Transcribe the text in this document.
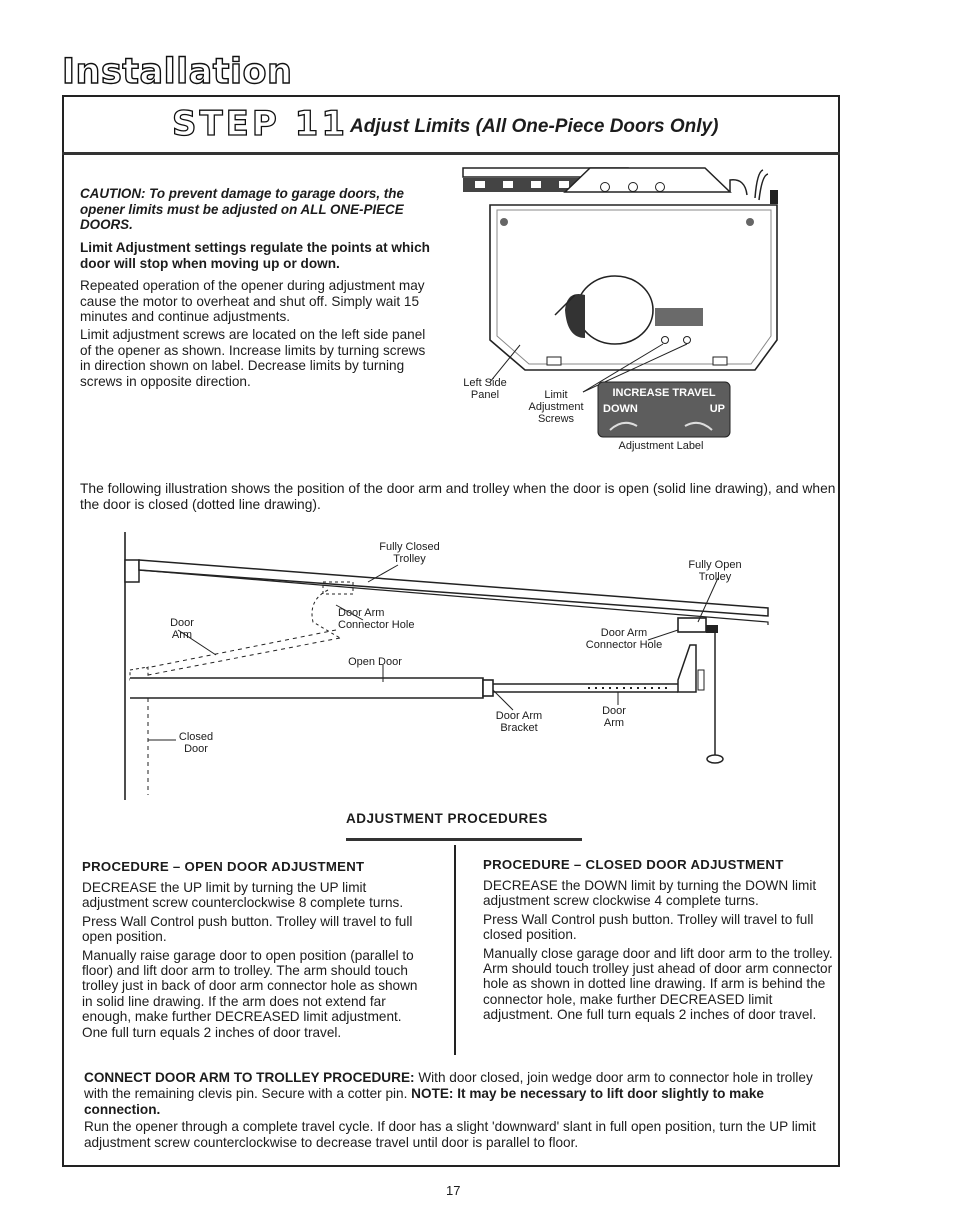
Installation
STEP 11 Adjust Limits (All One-Piece Doors Only)
CAUTION: To prevent damage to garage doors, the opener limits must be adjusted on ALL ONE-PIECE DOORS.
Limit Adjustment settings regulate the points at which door will stop when moving up or down.
Repeated operation of the opener during adjustment may cause the motor to overheat and shut off. Simply wait 15 minutes and continue adjustments.
Limit adjustment screws are located on the left side panel of the opener as shown. Increase limits by turning screws in direction shown on label. Decrease limits by turning screws in opposite direction.
INCREASE TRAVEL
DOWN	UP
Left Side Panel	Limit Adjustment Screws
Adjustment Label
The following illustration shows the position of the door arm and trolley when the door is open (solid line drawing), and when the door is closed (dotted line drawing).
Fully Closed Trolley	Fully Open Trolley
Door Arm Connector Hole
Door Arm	Door Arm Connector Hole
Open Door
Door Arm Bracket
Door Arm
Closed Door
ADJUSTMENT PROCEDURES
PROCEDURE – OPEN DOOR ADJUSTMENT

DECREASE the UP limit by turning the UP limit adjustment screw counterclockwise 8 complete turns.

Press Wall Control push button. Trolley will travel to full open position.

Manually raise garage door to open position (parallel to floor) and lift door arm to trolley. The arm should touch trolley just in back of door arm connector hole as shown in solid line drawing. If the arm does not extend far enough, make further DECREASED limit adjustment. One full turn equals 2 inches of door travel.

PROCEDURE – CLOSED DOOR ADJUSTMENT

DECREASE the DOWN limit by turning the DOWN limit adjustment screw clockwise 4 complete turns.

Press Wall Control push button. Trolley will travel to full closed position.

Manually close garage door and lift door arm to the trolley. Arm should touch trolley just ahead of door arm connector hole as shown in dotted line drawing. If arm is behind the connector hole, make further DECREASED limit adjustment. One full turn equals 2 inches of door travel.

CONNECT DOOR ARM TO TROLLEY PROCEDURE: With door closed, join wedge door arm to connector hole in trolley with the remaining clevis pin. Secure with a cotter pin. NOTE: It may be necessary to lift door slightly to make connection.
Run the opener through a complete travel cycle. If door has a slight 'downward' slant in full open position, turn the UP limit adjustment screw counterclockwise to decrease travel until door is parallel to floor.
17
